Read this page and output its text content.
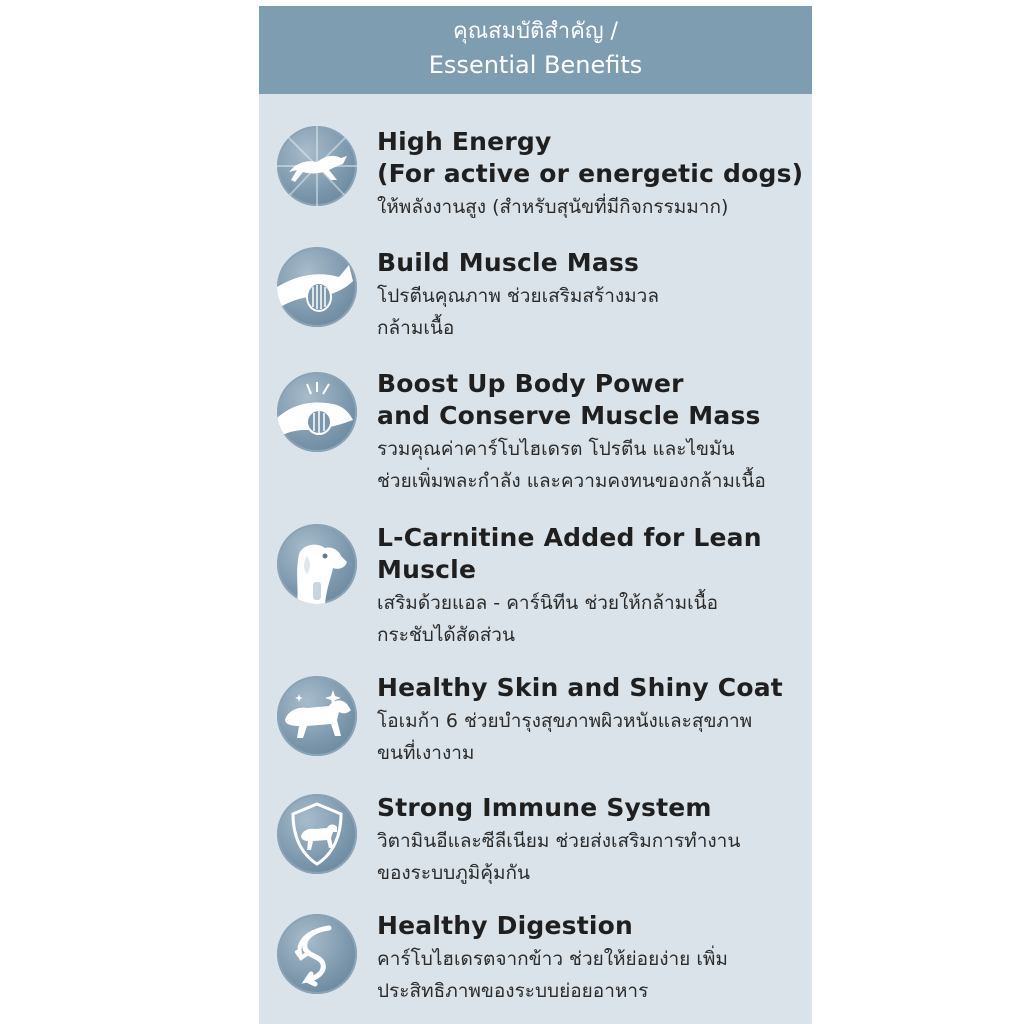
คุณสมบัติสำคัญ /
Essential Benefits
High Energy
(For active or energetic dogs)
ให้พลังงานสูง (สำหรับสุนัขที่มีกิจกรรมมาก)
Build Muscle Mass
โปรตีนคุณภาพ ช่วยเสริมสร้างมวล
กล้ามเนื้อ
Boost Up Body Power
and Conserve Muscle Mass
รวมคุณค่าคาร์โบไฮเดรต โปรตีน และไขมัน
ช่วยเพิ่มพละกำลัง และความคงทนของกล้ามเนื้อ
L-Carnitine Added for Lean
Muscle
เสริมด้วยแอล - คาร์นิทีน ช่วยให้กล้ามเนื้อ
กระชับได้สัดส่วน
Healthy Skin and Shiny Coat
โอเมก้า 6 ช่วยบำรุงสุขภาพผิวหนังและสุขภาพ
ขนที่เงางาม
Strong Immune System
วิตามินอีและซีลีเนียม ช่วยส่งเสริมการทำงาน
ของระบบภูมิคุ้มกัน
Healthy Digestion
คาร์โบไฮเดรตจากข้าว ช่วยให้ย่อยง่าย เพิ่ม
ประสิทธิภาพของระบบย่อยอาหาร
